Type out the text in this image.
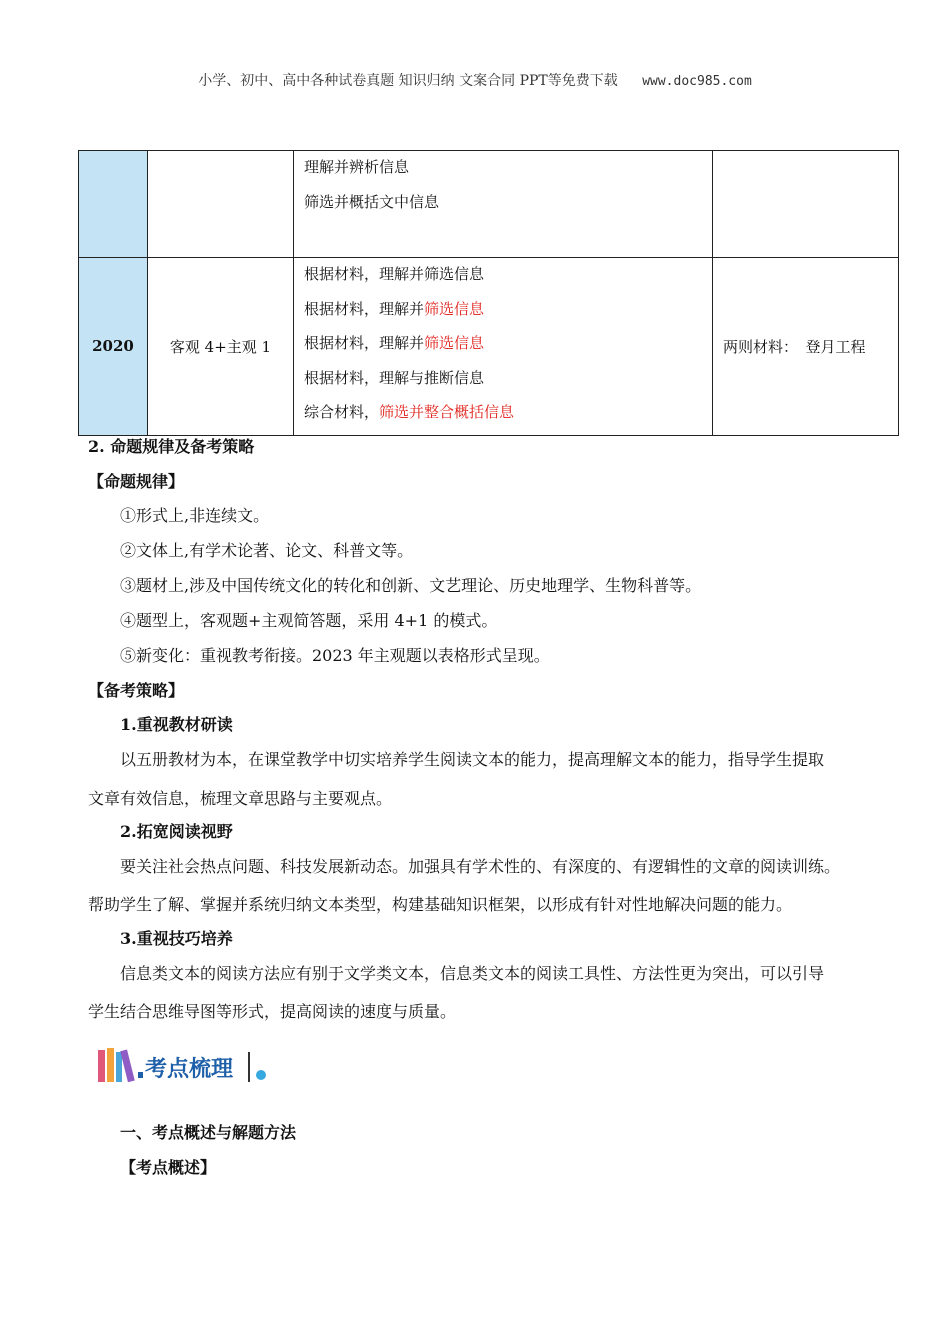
小学、初中、高中各种试卷真题 知识归纳 文案合同 PPT等免费下载 www.doc985.com

		理解并辨析信息
筛选并概括文中信息	

2020	客观 4+主观 1	根据材料，理解并筛选信息
根据材料，理解并筛选信息
根据材料，理解并筛选信息
根据材料，理解与推断信息
综合材料，筛选并整合概括信息	两则材料：　登月工程
2. 命题规律及备考策略
【命题规律】
①形式上,非连续文。
②文体上,有学术论著、论文、科普文等。
③题材上,涉及中国传统文化的转化和创新、文艺理论、历史地理学、生物科普等。
④题型上，客观题+主观简答题，采用 4+1 的模式。
⑤新变化：重视教考衔接。2023 年主观题以表格形式呈现。
【备考策略】
1.重视教材研读
以五册教材为本，在课堂教学中切实培养学生阅读文本的能力，提高理解文本的能力，指导学生提取
文章有效信息，梳理文章思路与主要观点。
2.拓宽阅读视野
要关注社会热点问题、科技发展新动态。加强具有学术性的、有深度的、有逻辑性的文章的阅读训练。
帮助学生了解、掌握并系统归纳文本类型，构建基础知识框架，以形成有针对性地解决问题的能力。
3.重视技巧培养
信息类文本的阅读方法应有别于文学类文本，信息类文本的阅读工具性、方法性更为突出，可以引导
学生结合思维导图等形式，提高阅读的速度与质量。
考点梳理
一、考点概述与解题方法
【考点概述】
